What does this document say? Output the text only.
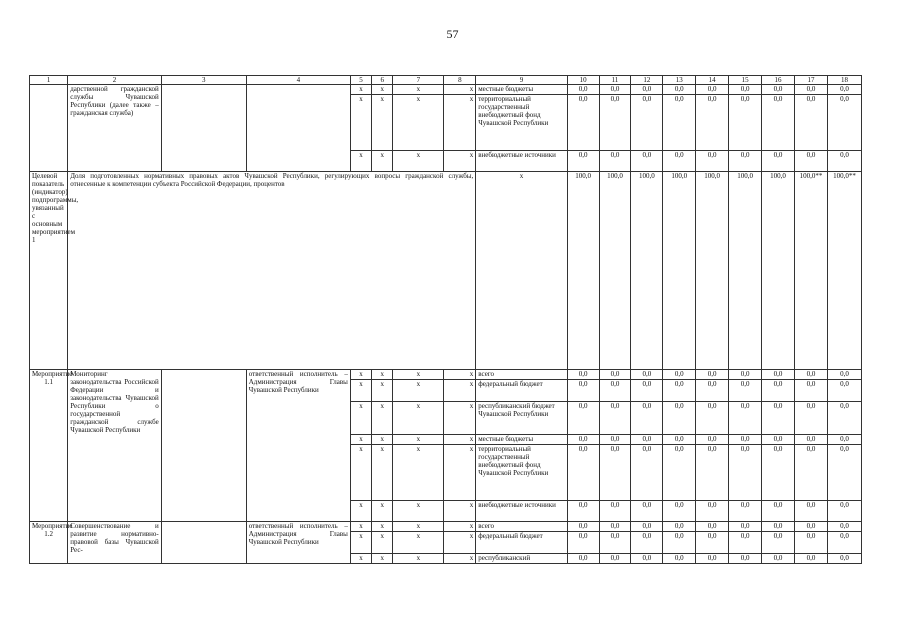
57
1	2	3	4	5	6	7	8	9	10	11	12	13	14	15	16	17	18
	дарственной гражданской службы Чувашской Республики (далее также – гражданская служба)			x	x	x	x	местные бюджеты	0,0	0,0	0,0	0,0	0,0	0,0	0,0	0,0	0,0
				x	x	x	x	территориальный государственный внебюджетный фонд Чувашской Республики	0,0	0,0	0,0	0,0	0,0	0,0	0,0	0,0	0,0
				x	x	x	x	внебюджетные источники	0,0	0,0	0,0	0,0	0,0	0,0	0,0	0,0	0,0
Целевой показатель (индикатор) подпрограммы, увязанный с основным мероприятием 1	Доля подготовленных нормативных правовых актов Чувашской Республики, регулирующих вопросы гражданской службы, отнесенные к компетенции субъекта Российской Федерации, процентов							x	100,0	100,0	100,0	100,0	100,0	100,0	100,0	100,0**	100,0**
Мероприятие 1.1	Мониторинг законодательства Российской Федерации и законодательства Чувашской Республики о государственной гражданской службе Чувашской Республики		ответственный исполнитель – Администрация Главы Чувашской Республики	x	x	x	x	всего	0,0	0,0	0,0	0,0	0,0	0,0	0,0	0,0	0,0
				x	x	x	x	федеральный бюджет	0,0	0,0	0,0	0,0	0,0	0,0	0,0	0,0	0,0
				x	x	x	x	республиканский бюджет Чувашской Республики	0,0	0,0	0,0	0,0	0,0	0,0	0,0	0,0	0,0
				x	x	x	x	местные бюджеты	0,0	0,0	0,0	0,0	0,0	0,0	0,0	0,0	0,0
				x	x	x	x	территориальный государственный внебюджетный фонд Чувашской Республики	0,0	0,0	0,0	0,0	0,0	0,0	0,0	0,0	0,0
				x	x	x	x	внебюджетные источники	0,0	0,0	0,0	0,0	0,0	0,0	0,0	0,0	0,0
Мероприятие 1.2	Совершенствование и развитие нормативно-правовой базы Чувашской Рес-		ответственный исполнитель – Администрация Главы Чувашской Республики	x	x	x	x	всего	0,0	0,0	0,0	0,0	0,0	0,0	0,0	0,0	0,0
				x	x	x	x	федеральный бюджет	0,0	0,0	0,0	0,0	0,0	0,0	0,0	0,0	0,0
				x	x	x	x	республиканский	0,0	0,0	0,0	0,0	0,0	0,0	0,0	0,0	0,0
